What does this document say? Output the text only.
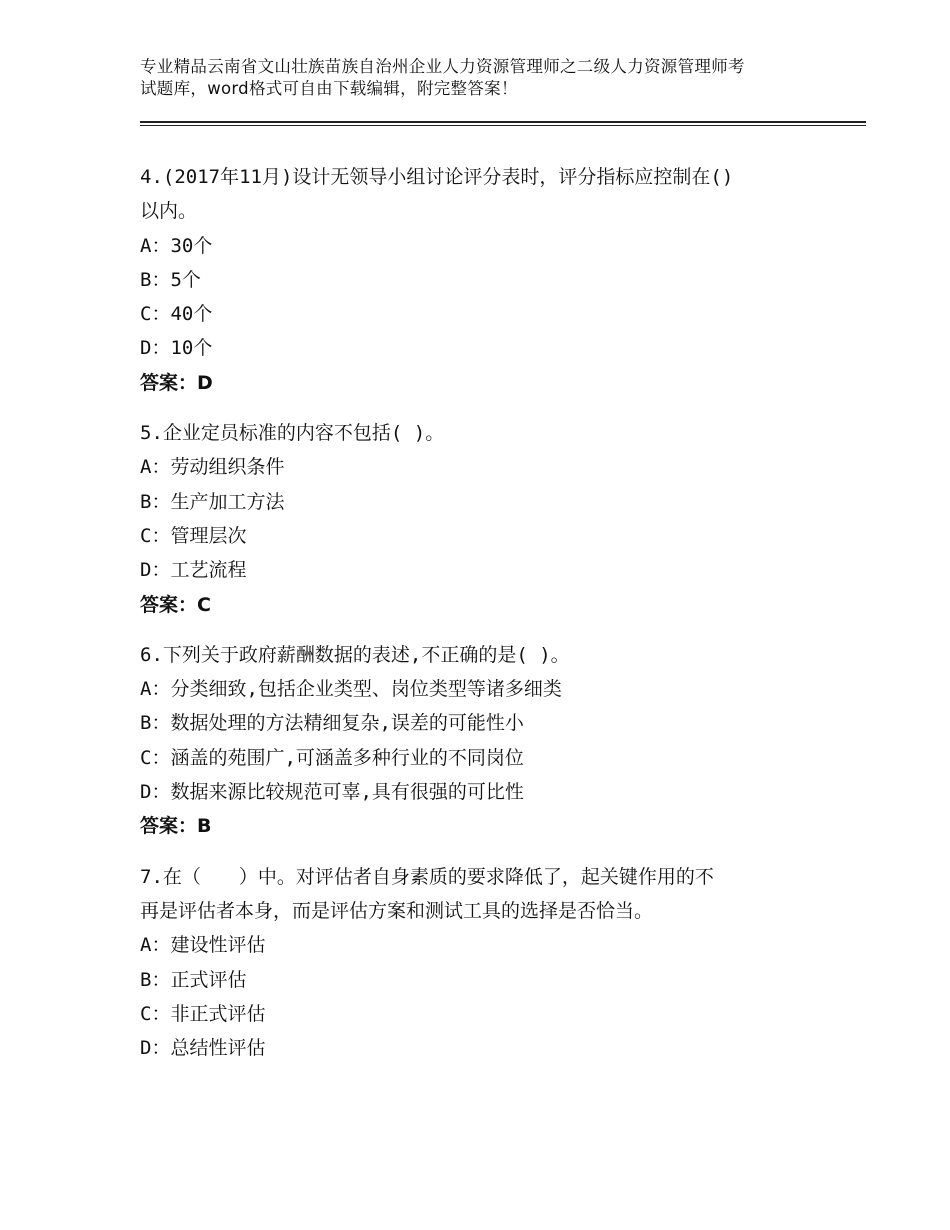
专业精品云南省文山壮族苗族自治州企业人力资源管理师之二级人力资源管理师考
试题库，word格式可自由下载编辑，附完整答案！
4.(2017年11月)设计无领导小组讨论评分表时，评分指标应控制在()
以内。
A：30个
B：5个
C：40个
D：10个
答案：D
5.企业定员标准的内容不包括( )。
A：劳动组织条件
B：生产加工方法
C：管理层次
D：工艺流程
答案：C
6.下列关于政府薪酬数据的表述,不正确的是( )。
A：分类细致,包括企业类型、岗位类型等诸多细类
B：数据处理的方法精细复杂,误差的可能性小
C：涵盖的苑围广,可涵盖多种行业的不同岗位
D：数据来源比较规范可辜,具有很强的可比性
答案：B
7.在（　　）中。对评估者自身素质的要求降低了，起关键作用的不
再是评估者本身，而是评估方案和测试工具的选择是否恰当。
A：建设性评估
B：正式评估
C：非正式评估
D：总结性评估
